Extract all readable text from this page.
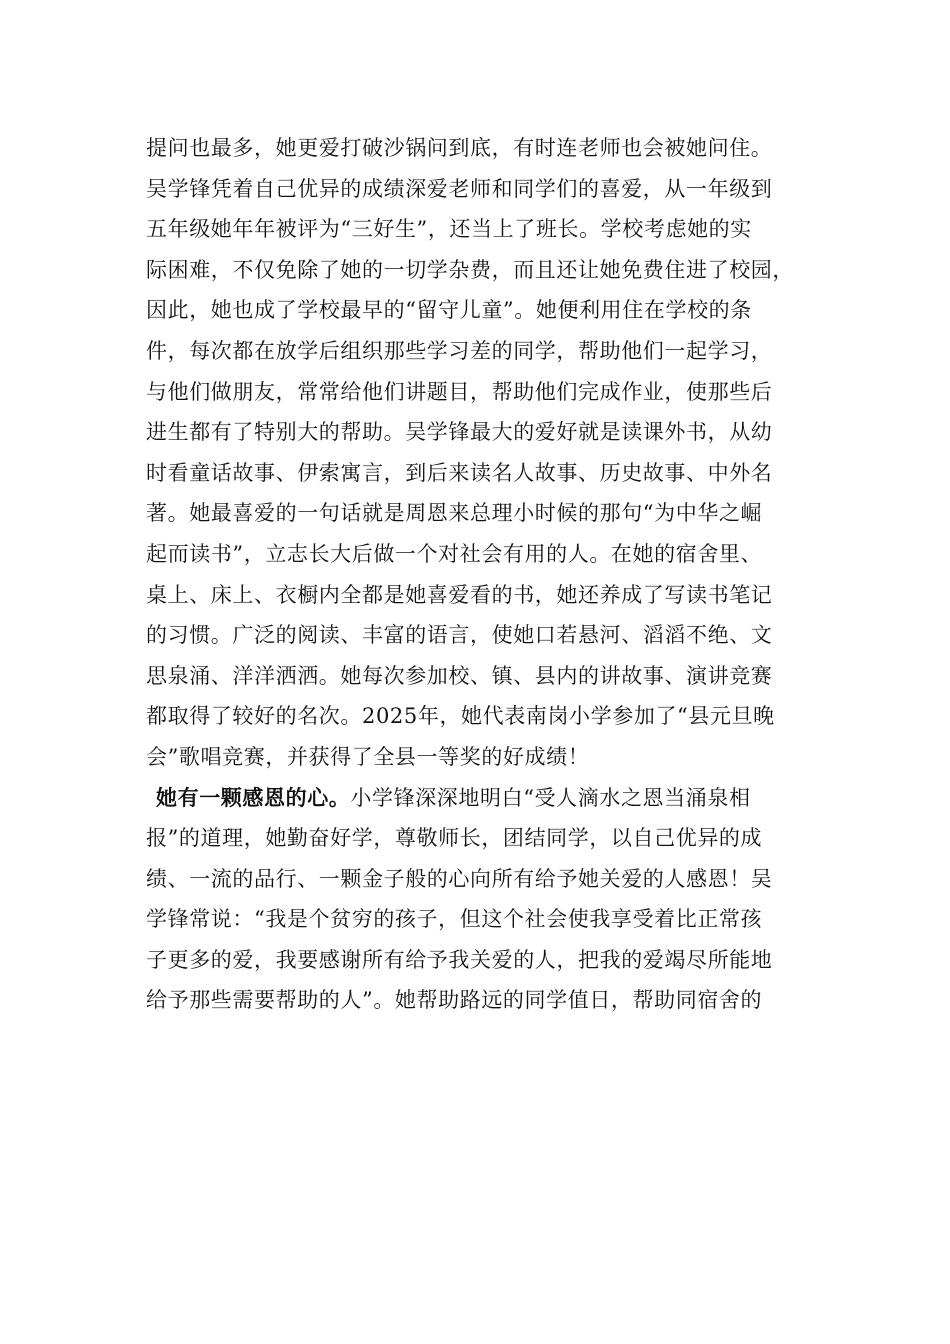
提问也最多，她更爱打破沙锅问到底，有时连老师也会被她问住。
吴学锋凭着自己优异的成绩深爱老师和同学们的喜爱，从一年级到
五年级她年年被评为“三好生”，还当上了班长。学校考虑她的实
际困难，不仅免除了她的一切学杂费，而且还让她免费住进了校园，
因此，她也成了学校最早的“留守儿童”。她便利用住在学校的条
件，每次都在放学后组织那些学习差的同学，帮助他们一起学习，
与他们做朋友，常常给他们讲题目，帮助他们完成作业，使那些后
进生都有了特别大的帮助。吴学锋最大的爱好就是读课外书，从幼
时看童话故事、伊索寓言，到后来读名人故事、历史故事、中外名
著。她最喜爱的一句话就是周恩来总理小时候的那句“为中华之崛
起而读书”，立志长大后做一个对社会有用的人。在她的宿舍里、
桌上、床上、衣橱内全都是她喜爱看的书，她还养成了写读书笔记
的习惯。广泛的阅读、丰富的语言，使她口若悬河、滔滔不绝、文
思泉涌、洋洋洒洒。她每次参加校、镇、县内的讲故事、演讲竞赛
都取得了较好的名次。2025年，她代表南岗小学参加了“县元旦晚
会”歌唱竞赛，并获得了全县一等奖的好成绩！
她有一颗感恩的心。小学锋深深地明白“受人滴水之恩当涌泉相
报”的道理，她勤奋好学，尊敬师长，团结同学，以自己优异的成
绩、一流的品行、一颗金子般的心向所有给予她关爱的人感恩！吴
学锋常说：“我是个贫穷的孩子，但这个社会使我享受着比正常孩
子更多的爱，我要感谢所有给予我关爱的人，把我的爱竭尽所能地
给予那些需要帮助的人”。她帮助路远的同学值日，帮助同宿舍的
